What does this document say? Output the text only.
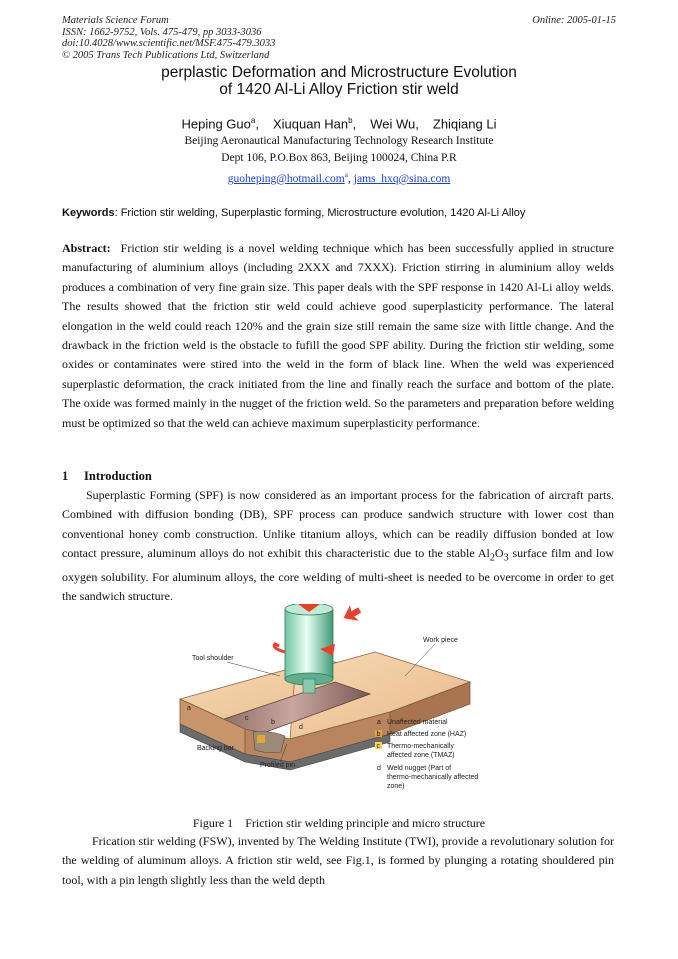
Materials Science Forum
ISSN: 1662-9752, Vols. 475-479, pp 3033-3036
doi:10.4028/www.scientific.net/MSF.475-479.3033
© 2005 Trans Tech Publications Ltd, Switzerland
Online: 2005-01-15
perplastic Deformation and Microstructure Evolution
of 1420 Al-Li Alloy Friction stir weld
Heping Guo$^a$, Xiuquan Han$^b$, Wei Wu, Zhiqiang Li
Beijing Aeronautical Manufacturing Technology Research Institute
Dept 106, P.O.Box 863, Beijing 100024, China P.R
guoheping@hotmail.com$^a$, jams_hxq@sina.com
Keywords: Friction stir welding, Superplastic forming, Microstructure evolution, 1420 Al-Li Alloy
Abstract: Friction stir welding is a novel welding technique which has been successfully applied in structure manufacturing of aluminium alloys (including 2XXX and 7XXX). Friction stirring in aluminium alloy welds produces a combination of very fine grain size. This paper deals with the SPF response in 1420 Al-Li alloy welds. The results showed that the friction stir weld could achieve good superplasticity performance. The lateral elongation in the weld could reach 120% and the grain size still remain the same size with little change. And the drawback in the friction weld is the obstacle to fufill the good SPF ability. During the friction stir welding, some oxides or contaminates were stired into the weld in the form of black line. When the weld was experienced superplastic deformation, the crack initiated from the line and finally reach the surface and bottom of the plate. The oxide was formed mainly in the nugget of the friction weld. So the parameters and preparation before welding must be optimized so that the weld can achieve maximum superplasticity performance.
1 Introduction
Superplastic Forming (SPF) is now considered as an important process for the fabrication of aircraft parts. Combined with diffusion bonding (DB), SPF process can produce sandwich structure with lower cost than conventional honey comb construction. Unlike titanium alloys, which can be readily diffusion bonded at low contact pressure, aluminum alloys do not exhibit this characteristic due to the stable $Al_2O_3$ surface film and low oxygen solubility. For aluminum alloys, the core welding of multi-sheet is needed to be overcome in order to get the sandwich structure.
Tool shoulder
Work piece
Backing bar
Profiled pin
a
b
c
d
a Unaffected material
b Heat affected zone (HAZ)
c Thermo-mechanically
affected zone (TMAZ)
d Weld nugget (Part of
thermo-mechanically affected
zone)
Figure 1 Friction stir welding principle and micro structure
Frication stir welding (FSW), invented by The Welding Institute (TWI), provide a revolutionary solution for the welding of aluminum alloys. A friction stir weld, see Fig.1, is formed by plunging a rotating shouldered pin tool, with a pin length slightly less than the weld depth
